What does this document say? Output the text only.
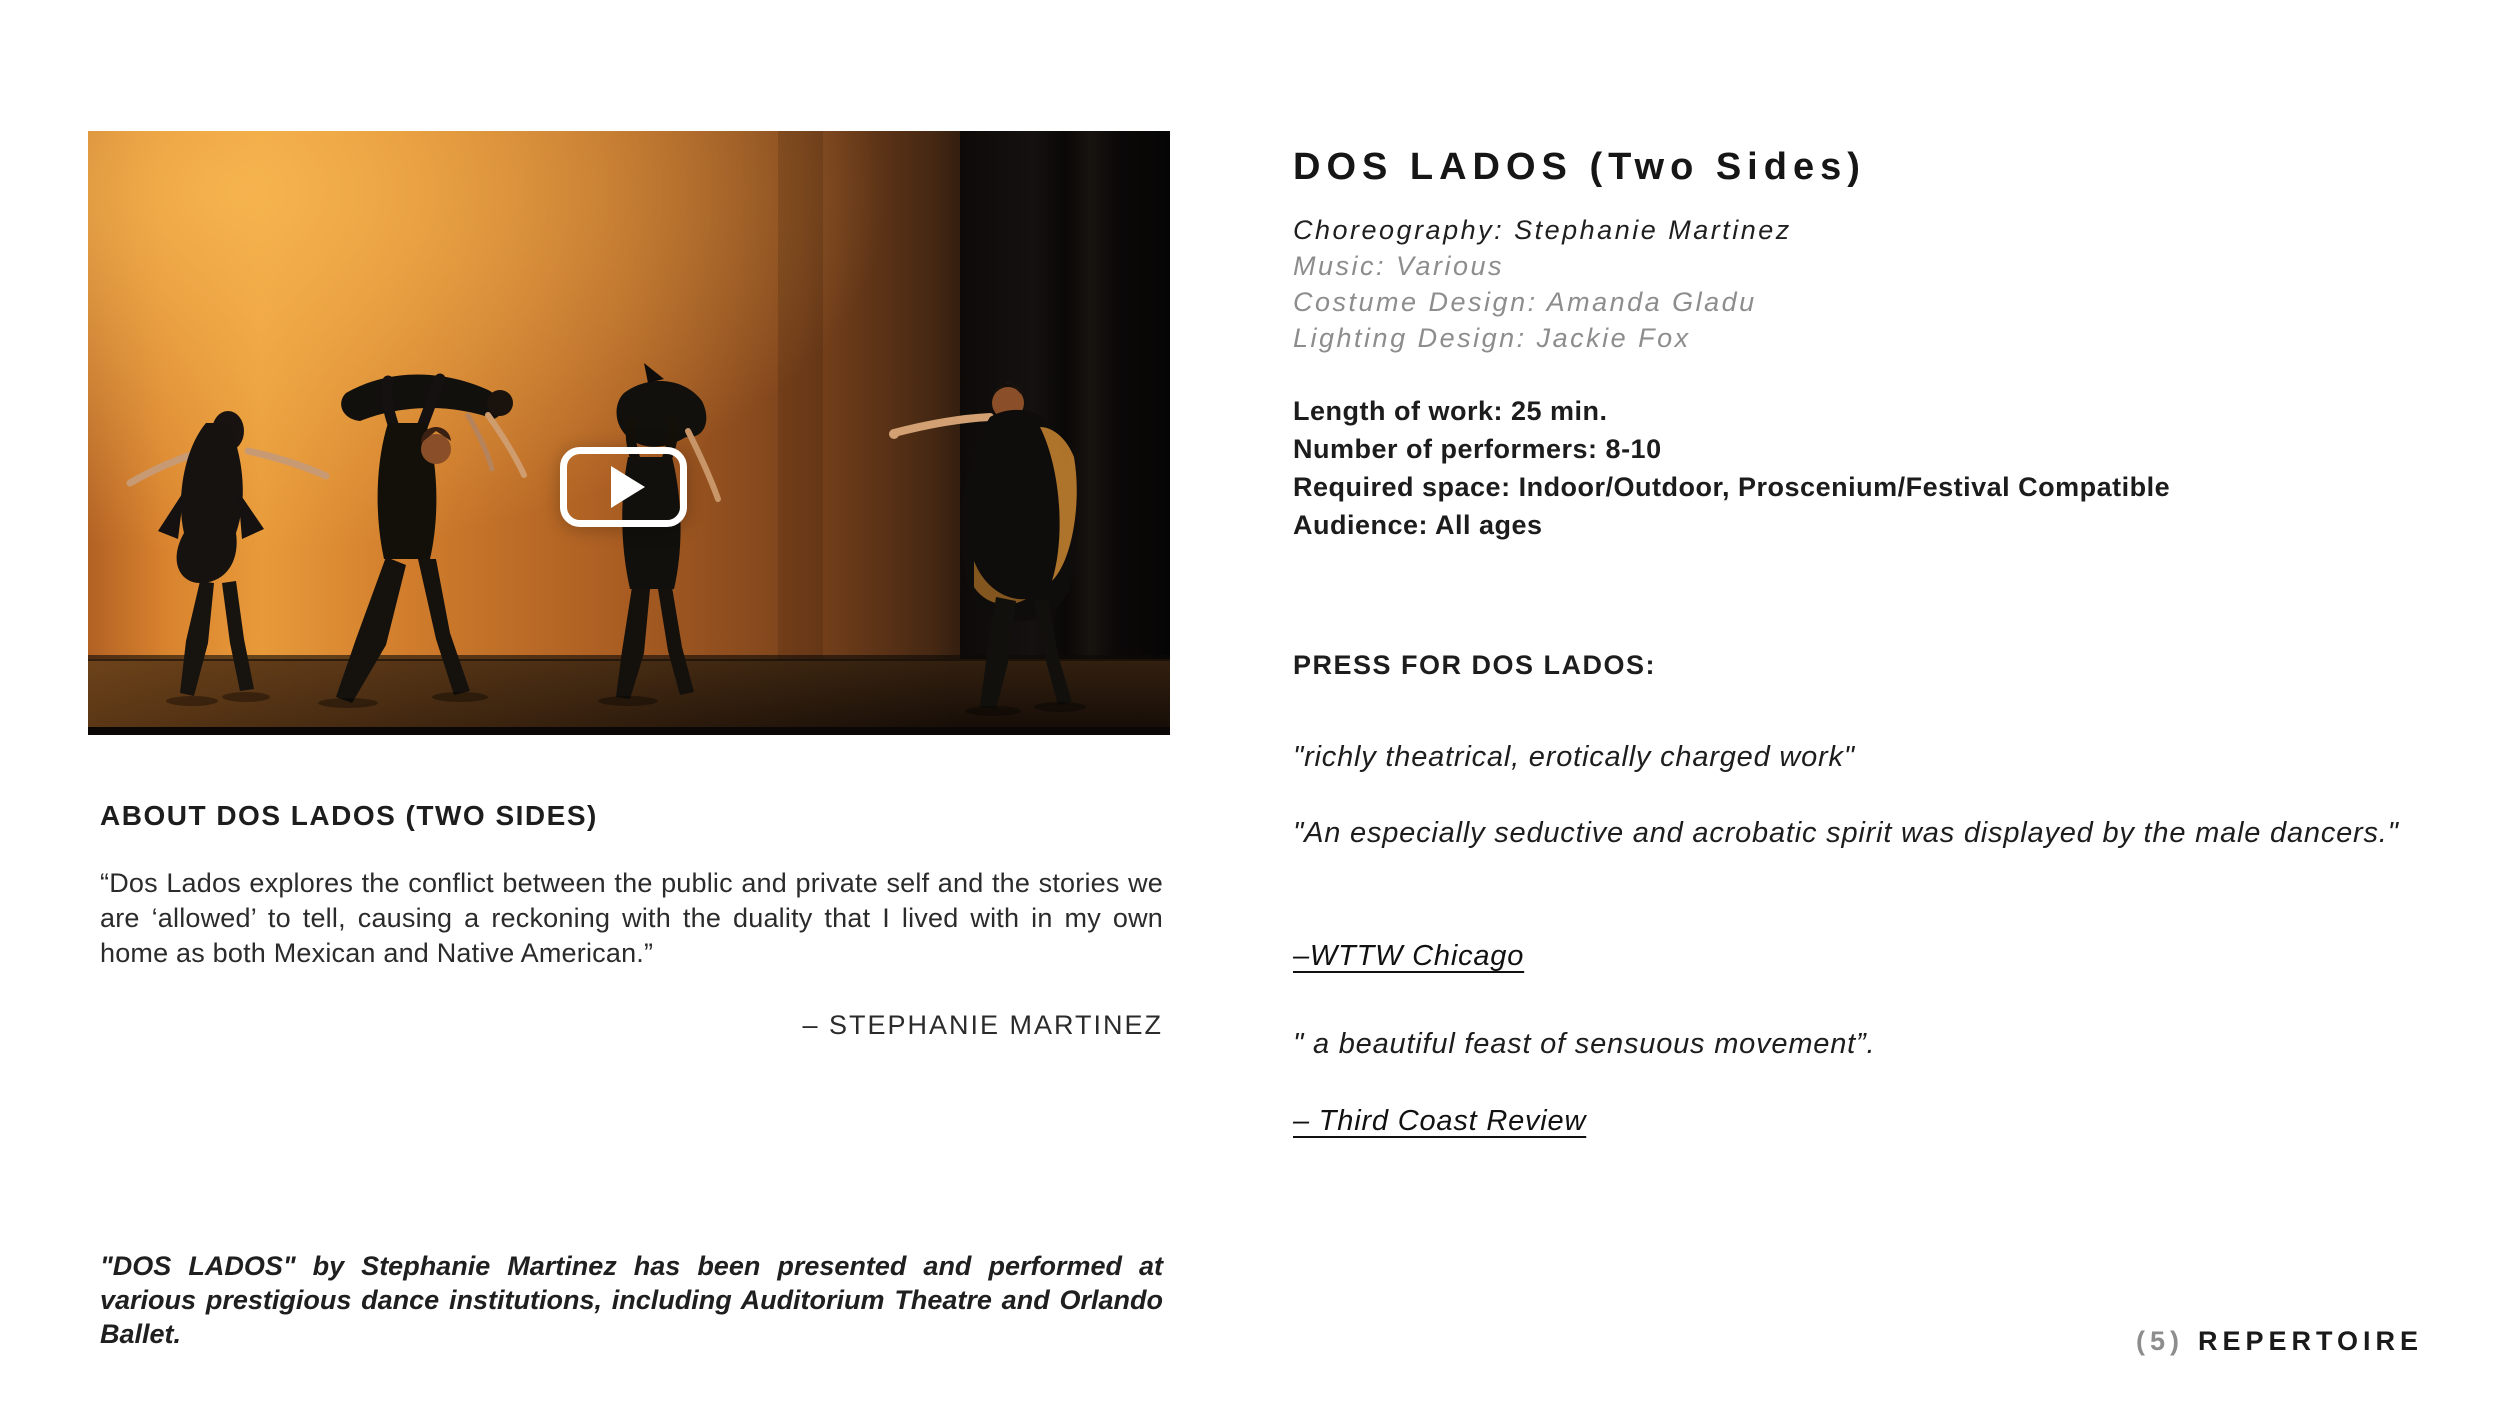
ABOUT DOS LADOS (TWO SIDES)
“Dos Lados explores the conflict between the public and private self and the stories we are ‘allowed’ to tell, causing a reckoning with the duality that I lived with in my own home as both Mexican and Native American.”
– STEPHANIE MARTINEZ
"DOS LADOS" by Stephanie Martinez has been presented and performed at various prestigious dance institutions, including Auditorium Theatre and Orlando Ballet.
DOS LADOS (Two Sides)
Choreography: Stephanie Martinez
Music: Various
Costume Design: Amanda Gladu
Lighting Design: Jackie Fox
Length of work: 25 min.
Number of performers: 8-10
Required space: Indoor/Outdoor, Proscenium/Festival Compatible
Audience: All ages
PRESS FOR DOS LADOS:
"richly theatrical, erotically charged work"
"An especially seductive and acrobatic spirit was displayed by the male dancers."
–WTTW Chicago
" a beautiful feast of sensuous movement”.
– Third Coast Review
(5) REPERTOIRE
